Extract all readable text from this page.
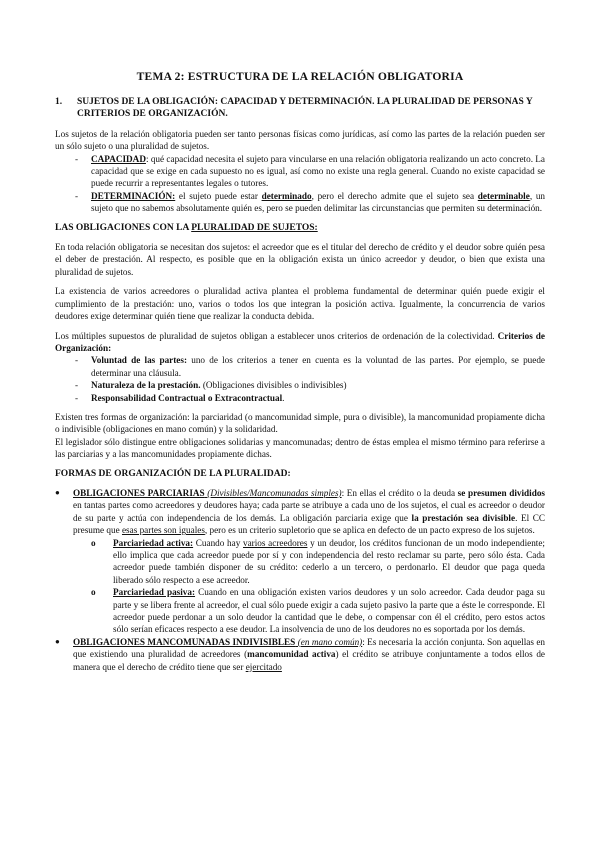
TEMA 2: ESTRUCTURA DE LA RELACIÓN OBLIGATORIA
1.	SUJETOS DE LA OBLIGACIÓN: CAPACIDAD Y DETERMINACIÓN. LA PLURALIDAD DE PERSONAS Y CRITERIOS DE ORGANIZACIÓN.

Los sujetos de la relación obligatoria pueden ser tanto personas físicas como jurídicas, así como las partes de la relación pueden ser un sólo sujeto o una pluralidad de sujetos.

-	CAPACIDAD: qué capacidad necesita el sujeto para vincularse en una relación obligatoria realizando un acto concreto. La capacidad que se exige en cada supuesto no es igual, así como no existe una regla general. Cuando no existe capacidad se puede recurrir a representantes legales o tutores.
-	DETERMINACIÓN: el sujeto puede estar determinado, pero el derecho admite que el sujeto sea determinable, un sujeto que no sabemos absolutamente quién es, pero se pueden delimitar las circunstancias que permiten su determinación.
LAS OBLIGACIONES CON LA PLURALIDAD DE SUJETOS:

En toda relación obligatoria se necesitan dos sujetos: el acreedor que es el titular del derecho de crédito y el deudor sobre quién pesa el deber de prestación. Al respecto, es posible que en la obligación exista un único acreedor y deudor, o bien que exista una pluralidad de sujetos.

La existencia de varios acreedores o pluralidad activa plantea el problema fundamental de determinar quién puede exigir el cumplimiento de la prestación: uno, varios o todos los que integran la posición activa. Igualmente, la concurrencia de varios deudores exige determinar quién tiene que realizar la conducta debida.

Los múltiples supuestos de pluralidad de sujetos obligan a establecer unos criterios de ordenación de la colectividad. Criterios de Organización:

-	Voluntad de las partes: uno de los criterios a tener en cuenta es la voluntad de las partes. Por ejemplo, se puede determinar una cláusula.
-	Naturaleza de la prestación. (Obligaciones divisibles o indivisibles)
-	Responsabilidad Contractual o Extracontractual.

Existen tres formas de organización: la parciaridad (o mancomunidad simple, pura o divisible), la mancomunidad propiamente dicha o indivisible (obligaciones en mano común) y la solidaridad.

El legislador sólo distingue entre obligaciones solidarias y mancomunadas; dentro de éstas emplea el mismo término para referirse a las parciarias y a las mancomunidades propiamente dichas.

FORMAS DE ORGANIZACIÓN DE LA PLURALIDAD:
●	OBLIGACIONES PARCIARIAS (Divisibles/Mancomunadas simples): En ellas el crédito o la deuda se presumen divididos en tantas partes como acreedores y deudores haya; cada parte se atribuye a cada uno de los sujetos, el cual es acreedor o deudor de su parte y actúa con independencia de los demás. La obligación parciaria exige que la prestación sea divisible. El CC presume que esas partes son iguales, pero es un criterio supletorio que se aplica en defecto de un pacto expreso de los sujetos.
o	Parciariedad activa: Cuando hay varios acreedores y un deudor, los créditos funcionan de un modo independiente; ello implica que cada acreedor puede por sí y con independencia del resto reclamar su parte, pero sólo ésta. Cada acreedor puede también disponer de su crédito: cederlo a un tercero, o perdonarlo. El deudor que paga queda liberado sólo respecto a ese acreedor.
o	Parciariedad pasiva: Cuando en una obligación existen varios deudores y un solo acreedor. Cada deudor paga su parte y se libera frente al acreedor, el cual sólo puede exigir a cada sujeto pasivo la parte que a éste le corresponde. El acreedor puede perdonar a un solo deudor la cantidad que le debe, o compensar con él el crédito, pero estos actos sólo serían eficaces respecto a ese deudor. La insolvencia de uno de los deudores no es soportada por los demás.
●	OBLIGACIONES MANCOMUNADAS INDIVISIBLES (en mano común): Es necesaria la acción conjunta. Son aquellas en que existiendo una pluralidad de acreedores (mancomunidad activa) el crédito se atribuye conjuntamente a todos ellos de manera que el derecho de crédito tiene que ser ejercitado
